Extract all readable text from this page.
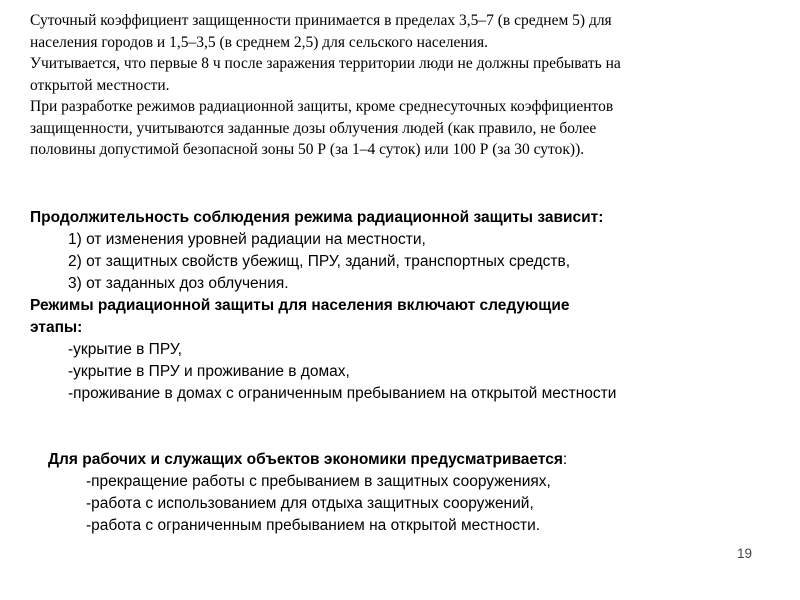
Суточный коэффициент защищенности принимается в пределах 3,5–7 (в среднем 5) для
населения городов и 1,5–3,5 (в среднем 2,5) для сельского населения.
Учитывается, что первые 8 ч после заражения территории люди не должны пребывать на
открытой местности.
При разработке режимов радиационной защиты, кроме среднесуточных коэффициентов
защищенности, учитываются заданные дозы облучения людей (как правило, не более
половины допустимой безопасной зоны 50 Р (за 1–4 суток) или 100 Р (за 30 суток)).
Продолжительность соблюдения режима радиационной защиты зависит:
1) от изменения уровней радиации на местности,
2) от защитных свойств убежищ, ПРУ, зданий, транспортных средств,
3) от заданных доз облучения.
Режимы радиационной защиты для населения включают следующие
этапы:
-укрытие в ПРУ,
-укрытие в ПРУ и проживание в домах,
-проживание в домах с ограниченным пребыванием на открытой местности
Для рабочих и служащих объектов экономики предусматривается:
-прекращение работы с пребыванием в защитных сооружениях,
-работа с использованием для отдыха защитных сооружений,
-работа с ограниченным пребыванием на открытой местности.
19
